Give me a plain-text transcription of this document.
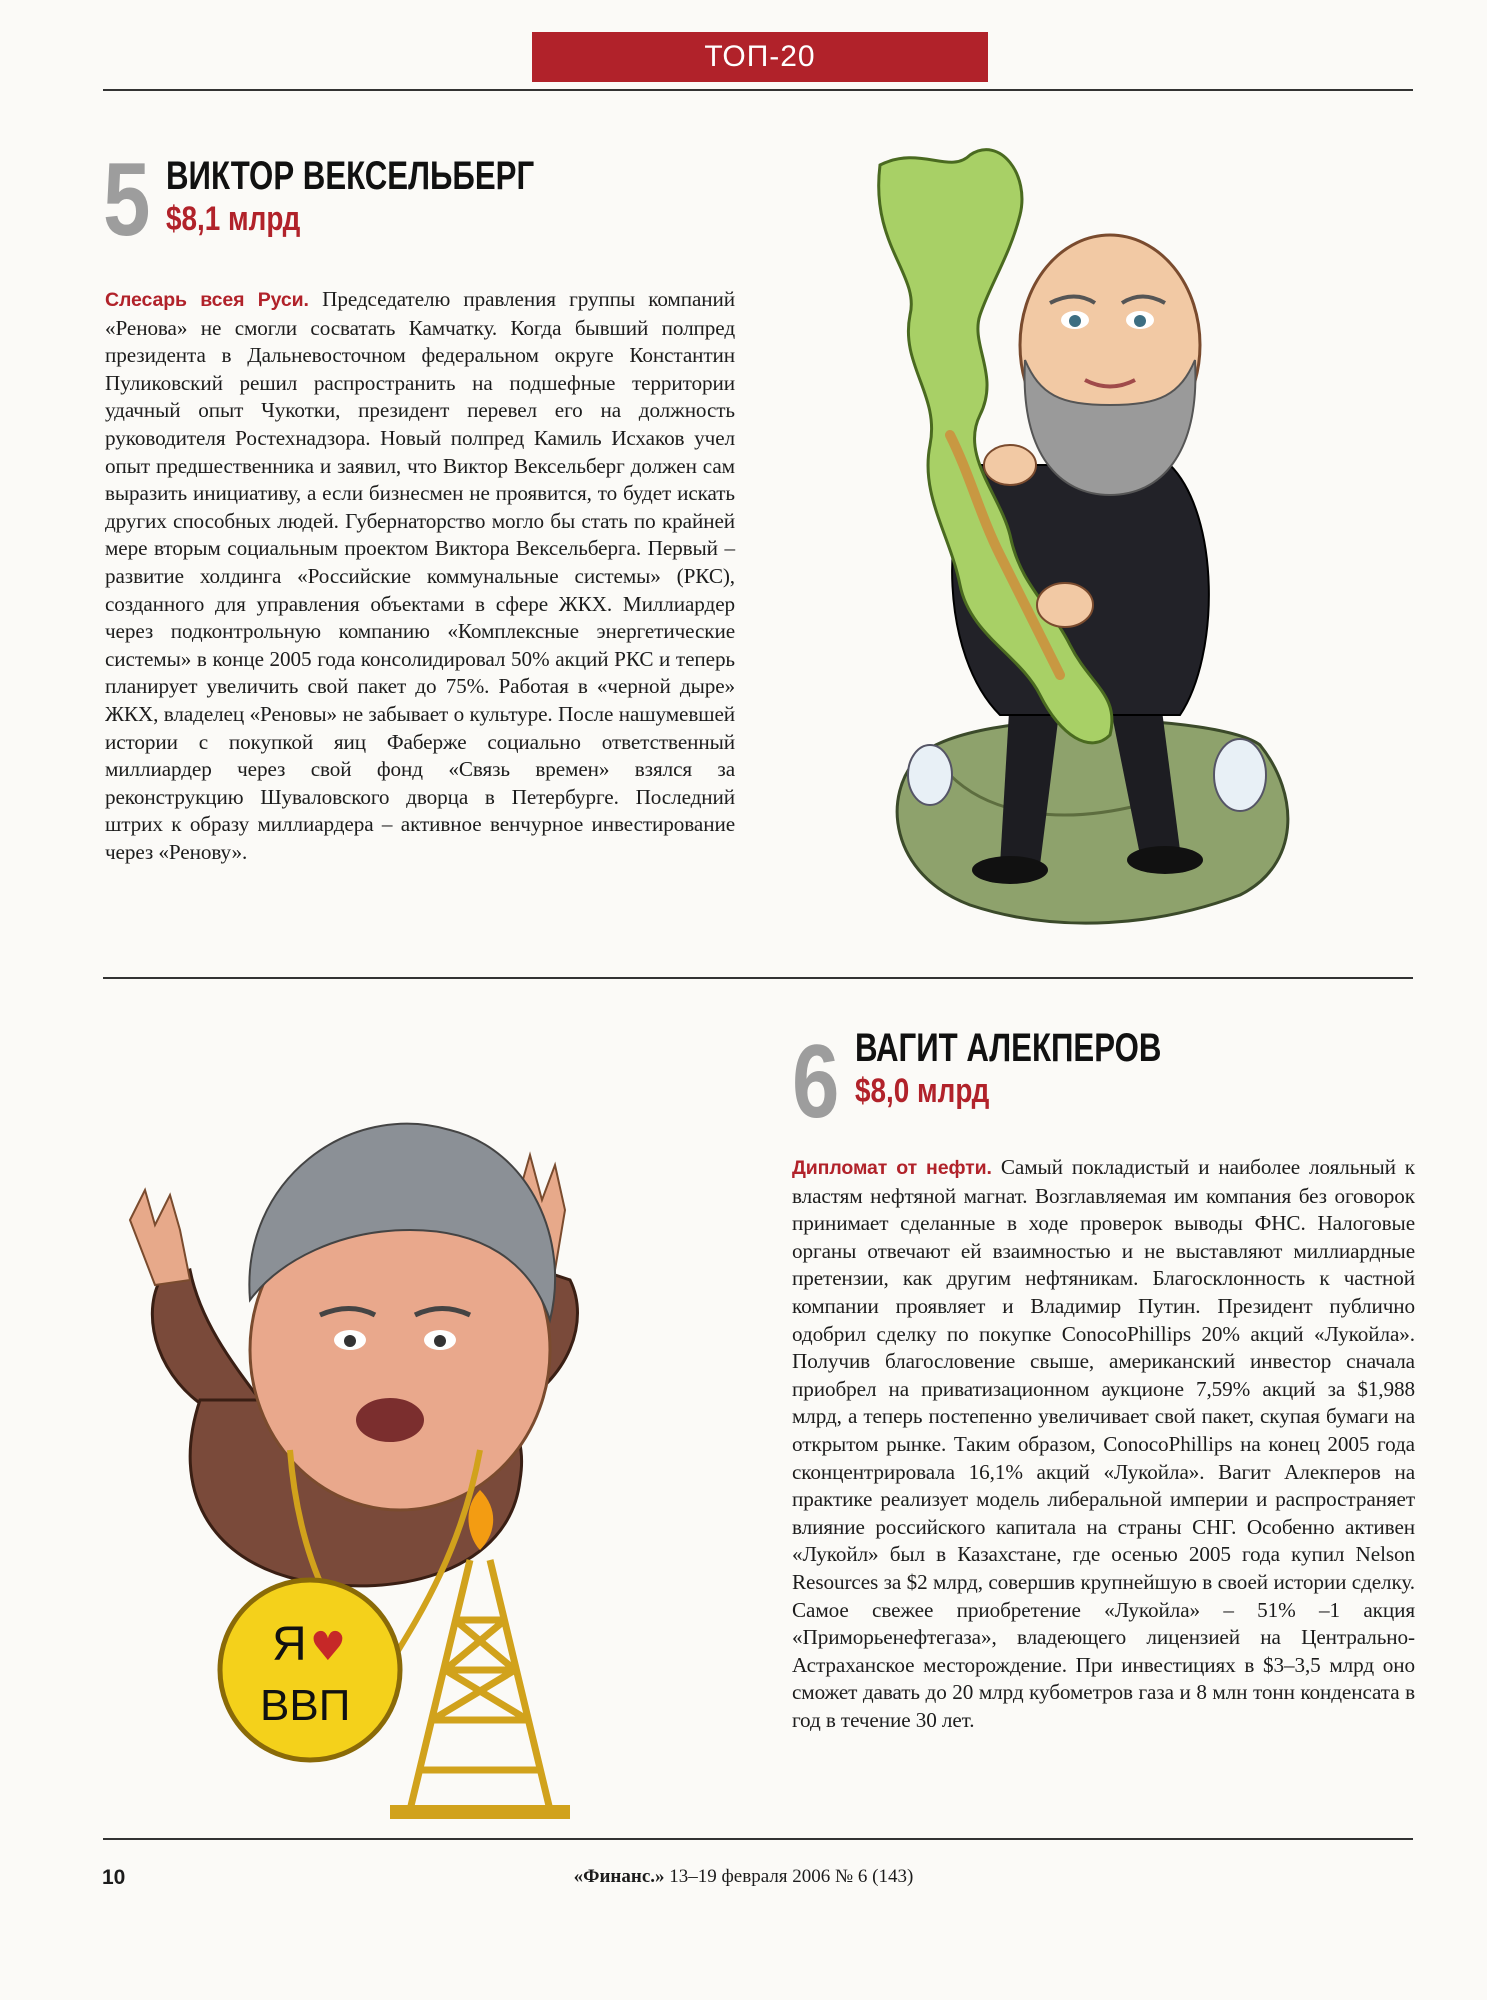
ТОП-20
5 ВИКТОР ВЕКСЕЛЬБЕРГ
$8,1 млрд
Слесарь всея Руси. Председателю правления группы компаний «Ренова» не смогли сосватать Камчатку. Когда бывший полпред президента в Дальневосточном федеральном округе Константин Пуликовский решил распространить на подшефные территории удачный опыт Чукотки, президент перевел его на должность руководителя Ростехнадзора. Новый полпред Камиль Исхаков учел опыт предшественника и заявил, что Виктор Вексельберг должен сам выразить инициативу, а если бизнесмен не проявится, то будет искать других способных людей. Губернаторство могло бы стать по крайней мере вторым социальным проектом Виктора Вексельберга. Первый – развитие холдинга «Российские коммунальные системы» (РКС), созданного для управления объектами в сфере ЖКХ. Миллиардер через подконтрольную компанию «Комплексные энергетические системы» в конце 2005 года консолидировал 50% акций РКС и теперь планирует увеличить свой пакет до 75%. Работая в «черной дыре» ЖКХ, владелец «Реновы» не забывает о культуре. После нашумевшей истории с покупкой яиц Фаберже социально ответственный миллиардер через свой фонд «Связь времен» взялся за реконструкцию Шуваловского дворца в Петербурге. Последний штрих к образу миллиардера – активное венчурное инвестирование через «Ренову».
6 ВАГИТ АЛЕКПЕРОВ
$8,0 млрд
Дипломат от нефти. Самый покладистый и наиболее лояльный к властям нефтяной магнат. Возглавляемая им компания без оговорок принимает сделанные в ходе проверок выводы ФНС. Налоговые органы отвечают ей взаимностью и не выставляют миллиардные претензии, как другим нефтяникам. Благосклонность к частной компании проявляет и Владимир Путин. Президент публично одобрил сделку по покупке ConocoPhillips 20% акций «Лукойла». Получив благословение свыше, американский инвестор сначала приобрел на приватизационном аукционе 7,59% акций за $1,988 млрд, а теперь постепенно увеличивает свой пакет, скупая бумаги на открытом рынке. Таким образом, ConocoPhillips на конец 2005 года сконцентрировала 16,1% акций «Лукойла». Вагит Алекперов на практике реализует модель либеральной империи и распространяет влияние российского капитала на страны СНГ. Особенно активен «Лукойл» был в Казахстане, где осенью 2005 года купил Nelson Resources за $2 млрд, совершив крупнейшую в своей истории сделку. Самое свежее приобретение «Лукойла» – 51% –1 акция «Приморьенефтегаза», владеющего лицензией на Центрально-Астраханское месторождение. При инвестициях в $3–3,5 млрд оно сможет давать до 20 млрд кубометров газа и 8 млн тонн конденсата в год в течение 30 лет.
Я ♥
ВВП
10	«Финанс.» 13–19 февраля 2006 № 6 (143)
